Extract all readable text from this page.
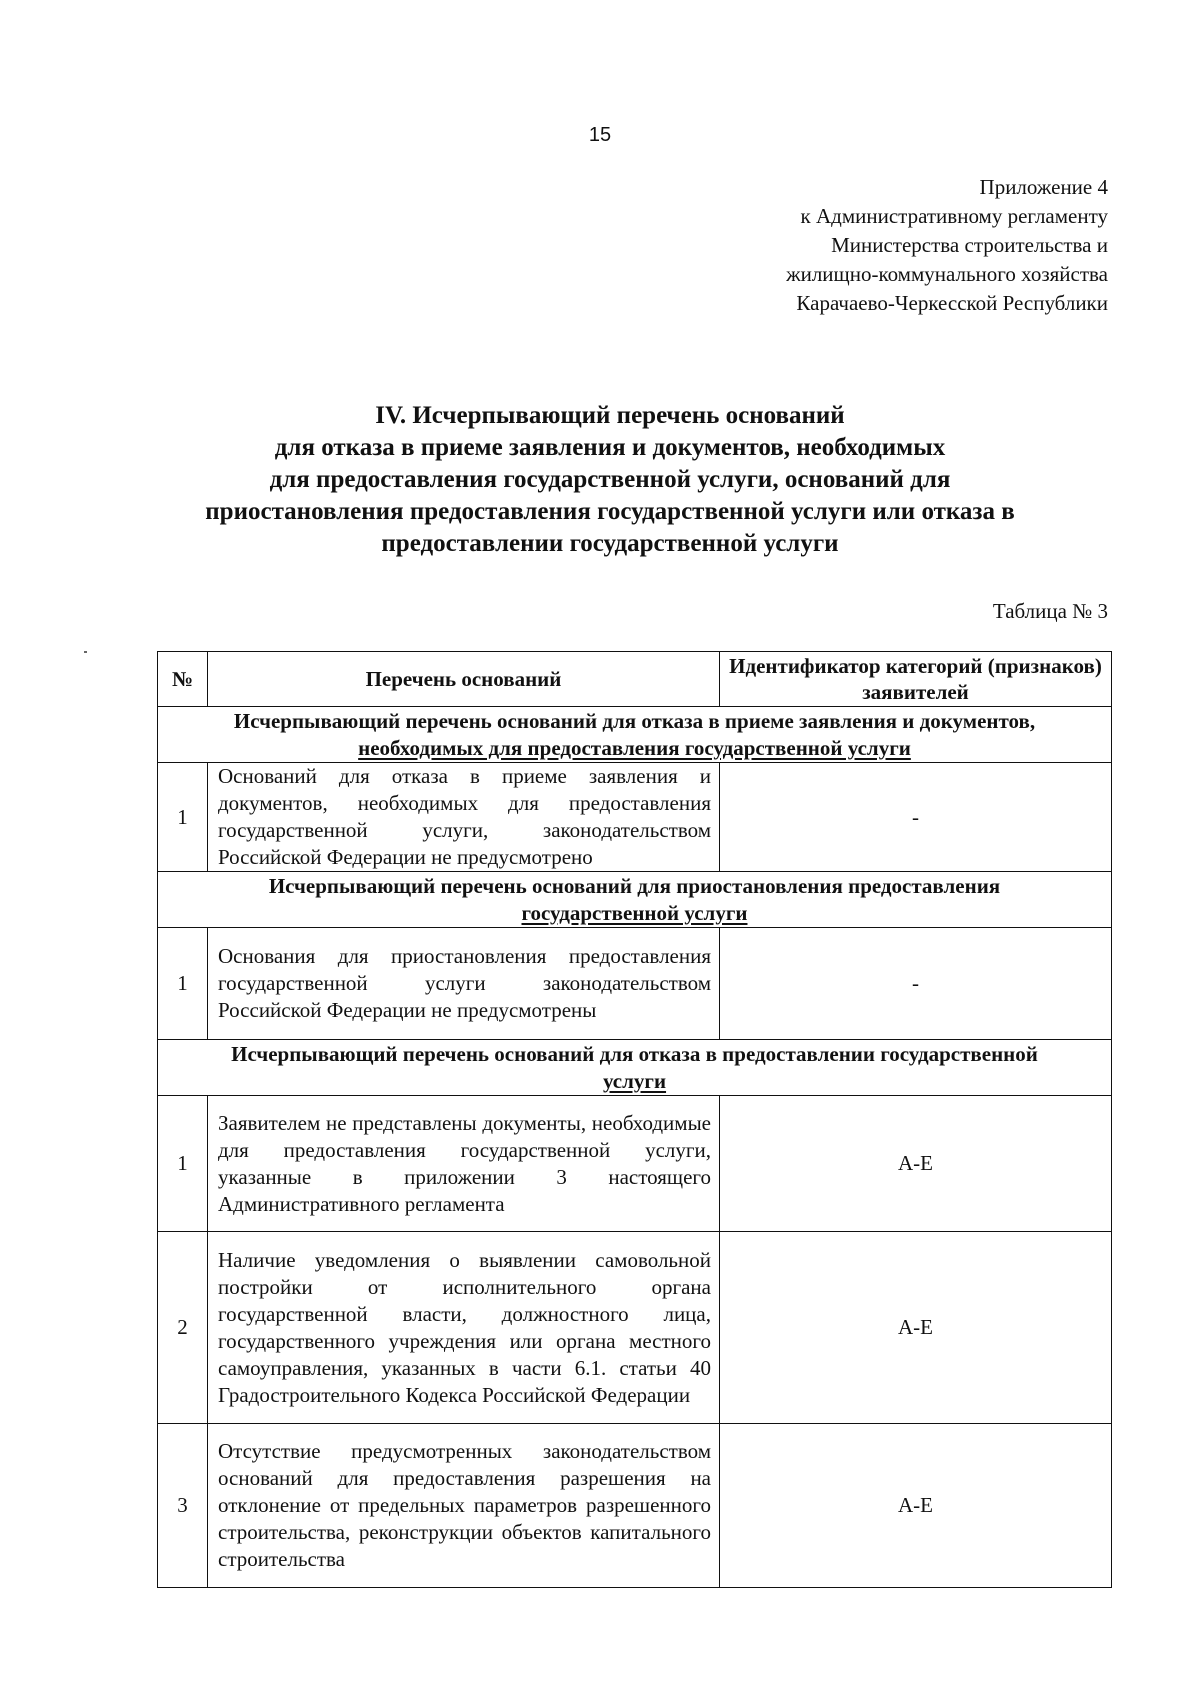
15
Приложение 4
к Административному регламенту
Министерства строительства и
жилищно-коммунального хозяйства
Карачаево-Черкесской Республики
IV. Исчерпывающий перечень оснований
для отказа в приеме заявления и документов, необходимых
для предоставления государственной услуги, оснований для
приостановления предоставления государственной услуги или отказа в
предоставлении государственной услуги
Таблица № 3
№	Перечень оснований	Идентификатор категорий (признаков) заявителей

Исчерпывающий перечень оснований для отказа в приеме заявления и документов,
необходимых для предоставления государственной услуги		

1	Оснований для отказа в приеме заявления и документов, необходимых для предоставления государственной услуги, законодательством Российской Федерации не предусмотрено	-

Исчерпывающий перечень оснований для приостановления предоставления
государственной услуги		

1	Основания для приостановления предоставления государственной услуги законодательством Российской Федерации не предусмотрены	-

Исчерпывающий перечень оснований для отказа в предоставлении государственной
услуги		

1	Заявителем не представлены документы, необходимые для предоставления государственной услуги, указанные в приложении 3 настоящего Административного регламента	А-Е
2	Наличие уведомления о выявлении самовольной постройки от исполнительного органа государственной власти, должностного лица, государственного учреждения или органа местного самоуправления, указанных в части 6.1. статьи 40 Градостроительного Кодекса Российской Федерации	А-Е
3	Отсутствие предусмотренных законодательством оснований для предоставления разрешения на отклонение от предельных параметров разрешенного строительства, реконструкции объектов капитального строительства	А-Е
